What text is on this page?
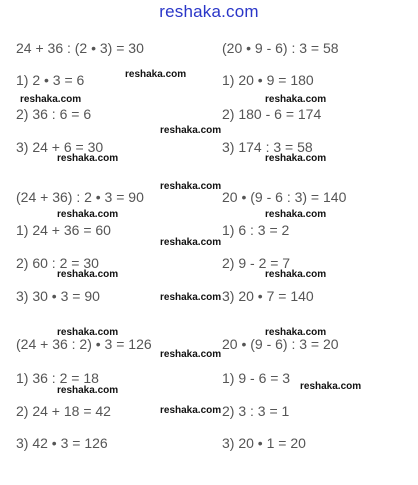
reshaka.com
24 + 36 : (2 • 3) = 30
1) 2 • 3 = 6
2) 36 : 6 = 6
3) 24 + 6 = 30
(20 • 9 - 6) : 3 = 58
1) 20 • 9 = 180
2) 180 - 6 = 174
3) 174 : 3 = 58
(24 + 36) : 2 • 3 = 90
1) 24 + 36 = 60
2) 60 : 2 = 30
3) 30 • 3 = 90
20 • (9 - 6 : 3) = 140
1) 6 : 3 = 2
2) 9 - 2 = 7
3) 20 • 7 = 140
(24 + 36 : 2) • 3 = 126
1) 36 : 2 = 18
2) 24 + 18 = 42
3) 42 • 3 = 126
20 • (9 - 6) : 3 = 20
1) 9 - 6 = 3
2) 3 : 3 = 1
3) 20 • 1 = 20
reshaka.com
reshaka.com	reshaka.com
reshaka.com
reshaka.com	reshaka.com
reshaka.com
reshaka.com	reshaka.com
reshaka.com
reshaka.com	reshaka.com
reshaka.com
reshaka.com	reshaka.com
reshaka.com
reshaka.com	reshaka.com
reshaka.com
